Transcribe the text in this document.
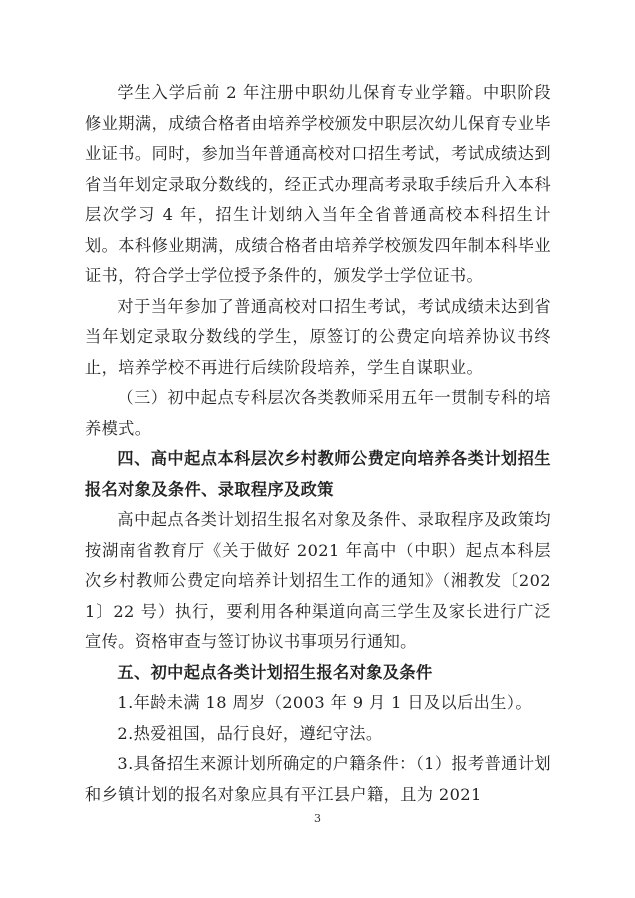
学生入学后前 2 年注册中职幼儿保育专业学籍。中职阶段修业期满，成绩合格者由培养学校颁发中职层次幼儿保育专业毕业证书。同时，参加当年普通高校对口招生考试，考试成绩达到省当年划定录取分数线的，经正式办理高考录取手续后升入本科层次学习 4 年，招生计划纳入当年全省普通高校本科招生计划。本科修业期满，成绩合格者由培养学校颁发四年制本科毕业证书，符合学士学位授予条件的，颁发学士学位证书。

对于当年参加了普通高校对口招生考试，考试成绩未达到省当年划定录取分数线的学生，原签订的公费定向培养协议书终止，培养学校不再进行后续阶段培养，学生自谋职业。

（三）初中起点专科层次各类教师采用五年一贯制专科的培养模式。

四、高中起点本科层次乡村教师公费定向培养各类计划招生报名对象及条件、录取程序及政策

高中起点各类计划招生报名对象及条件、录取程序及政策均按湖南省教育厅《关于做好 2021 年高中（中职）起点本科层次乡村教师公费定向培养计划招生工作的通知》（湘教发〔2021〕22 号）执行，要利用各种渠道向高三学生及家长进行广泛宣传。资格审查与签订协议书事项另行通知。

五、初中起点各类计划招生报名对象及条件

1.年龄未满 18 周岁（2003 年 9 月 1 日及以后出生）。

2.热爱祖国，品行良好，遵纪守法。

3.具备招生来源计划所确定的户籍条件：（1）报考普通计划和乡镇计划的报名对象应具有平江县户籍，且为 2021

3
